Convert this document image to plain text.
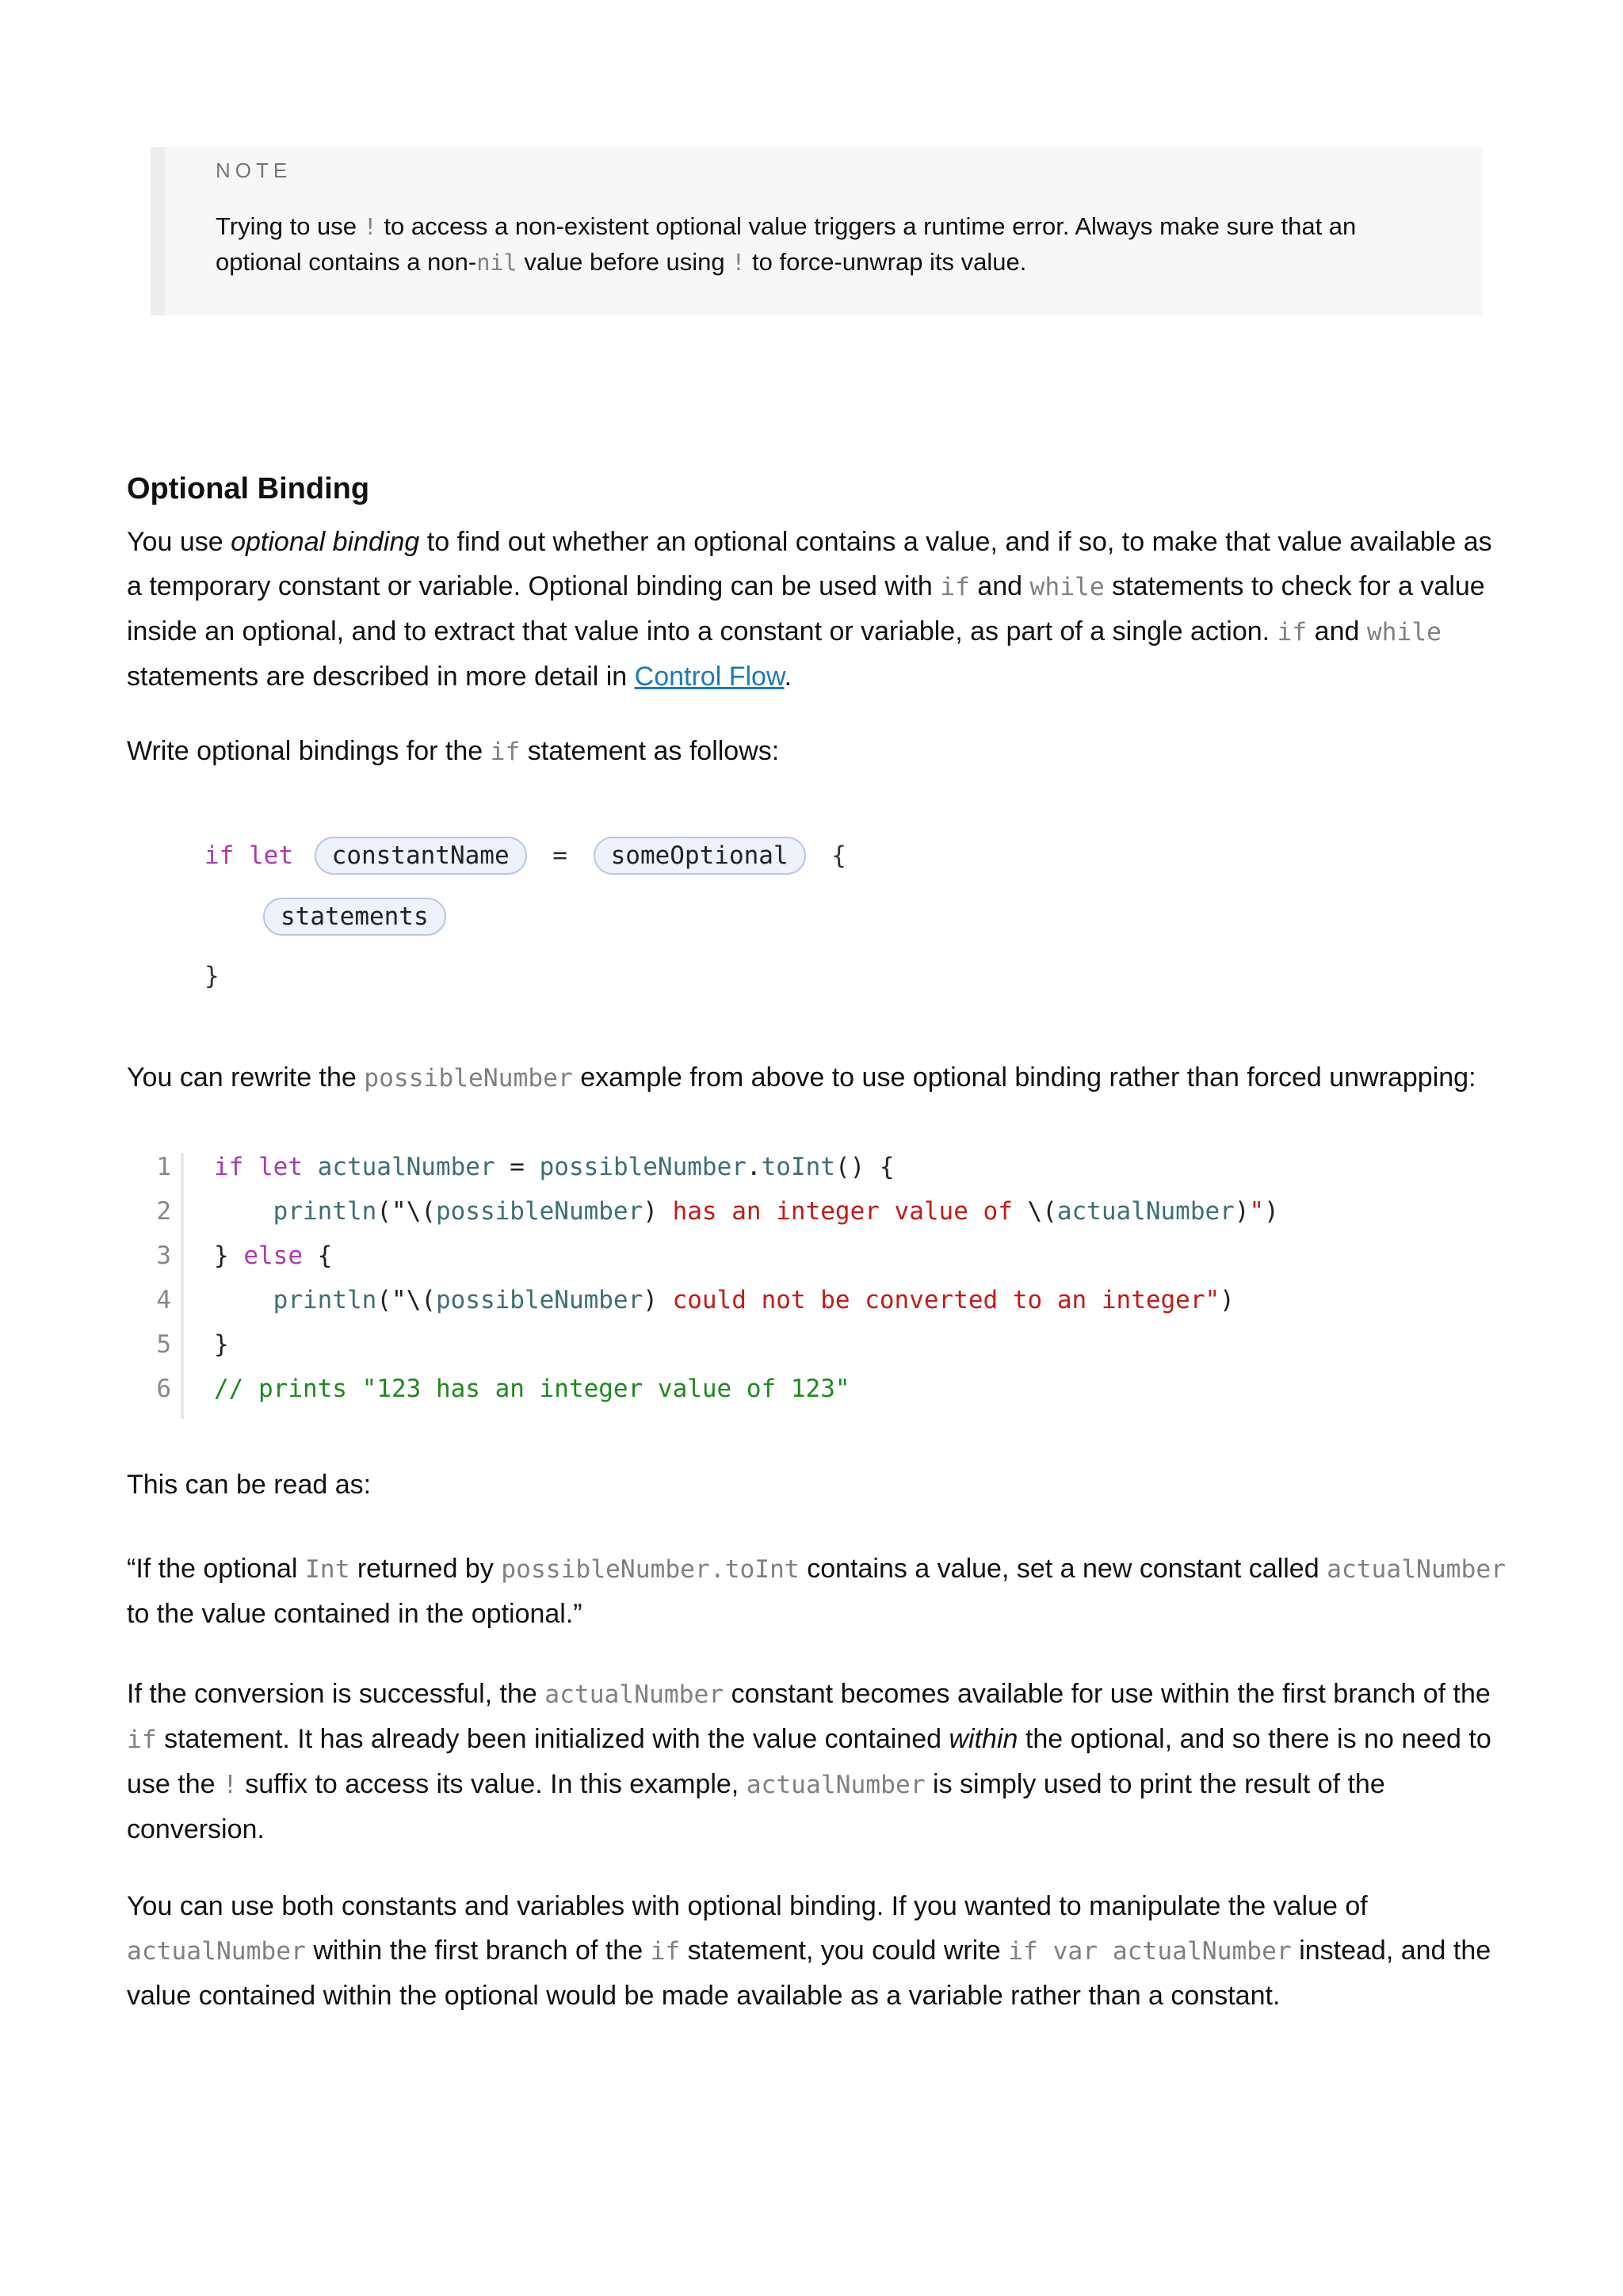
NOTE
Trying to use ! to access a non-existent optional value triggers a runtime error. Always make sure that an
optional contains a non-nil value before using ! to force-unwrap its value.
Optional Binding
You use optional binding to find out whether an optional contains a value, and if so, to make that value available as a temporary constant or variable. Optional binding can be used with if and while statements to check for a value inside an optional, and to extract that value into a constant or variable, as part of a single action. if and while statements are described in more detail in Control Flow.
Write optional bindings for the if statement as follows:
if let constantName = someOptional {
statements
}
You can rewrite the possibleNumber example from above to use optional binding rather than forced unwrapping:
1
2
3
4
5
6
if let actualNumber = possibleNumber.toInt() {
println("\(possibleNumber) has an integer value of \(actualNumber)")
} else {
println("\(possibleNumber) could not be converted to an integer")
}
// prints "123 has an integer value of 123"
This can be read as:
“If the optional Int returned by possibleNumber.toInt contains a value, set a new constant called actualNumber to the value contained in the optional.”
If the conversion is successful, the actualNumber constant becomes available for use within the first branch of the if statement. It has already been initialized with the value contained within the optional, and so there is no need to use the ! suffix to access its value. In this example, actualNumber is simply used to print the result of the conversion.
You can use both constants and variables with optional binding. If you wanted to manipulate the value of actualNumber within the first branch of the if statement, you could write if var actualNumber instead, and the value contained within the optional would be made available as a variable rather than a constant.
